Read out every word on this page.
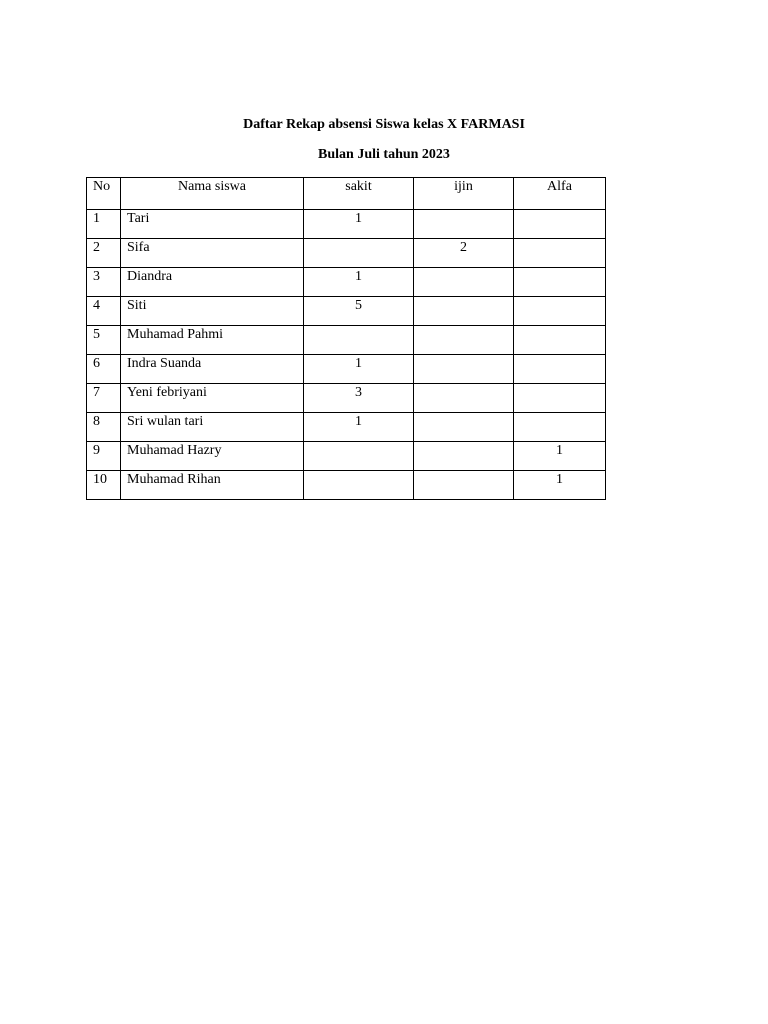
Daftar Rekap absensi Siswa kelas X FARMASI
Bulan Juli tahun 2023
No	Nama siswa	sakit	ijin	Alfa
1	Tari	1		
2	Sifa		2	
3	Diandra	1		
4	Siti	5		
5	Muhamad Pahmi			
6	Indra Suanda	1		
7	Yeni febriyani	3		
8	Sri wulan tari	1		
9	Muhamad Hazry			1
10	Muhamad Rihan			1
